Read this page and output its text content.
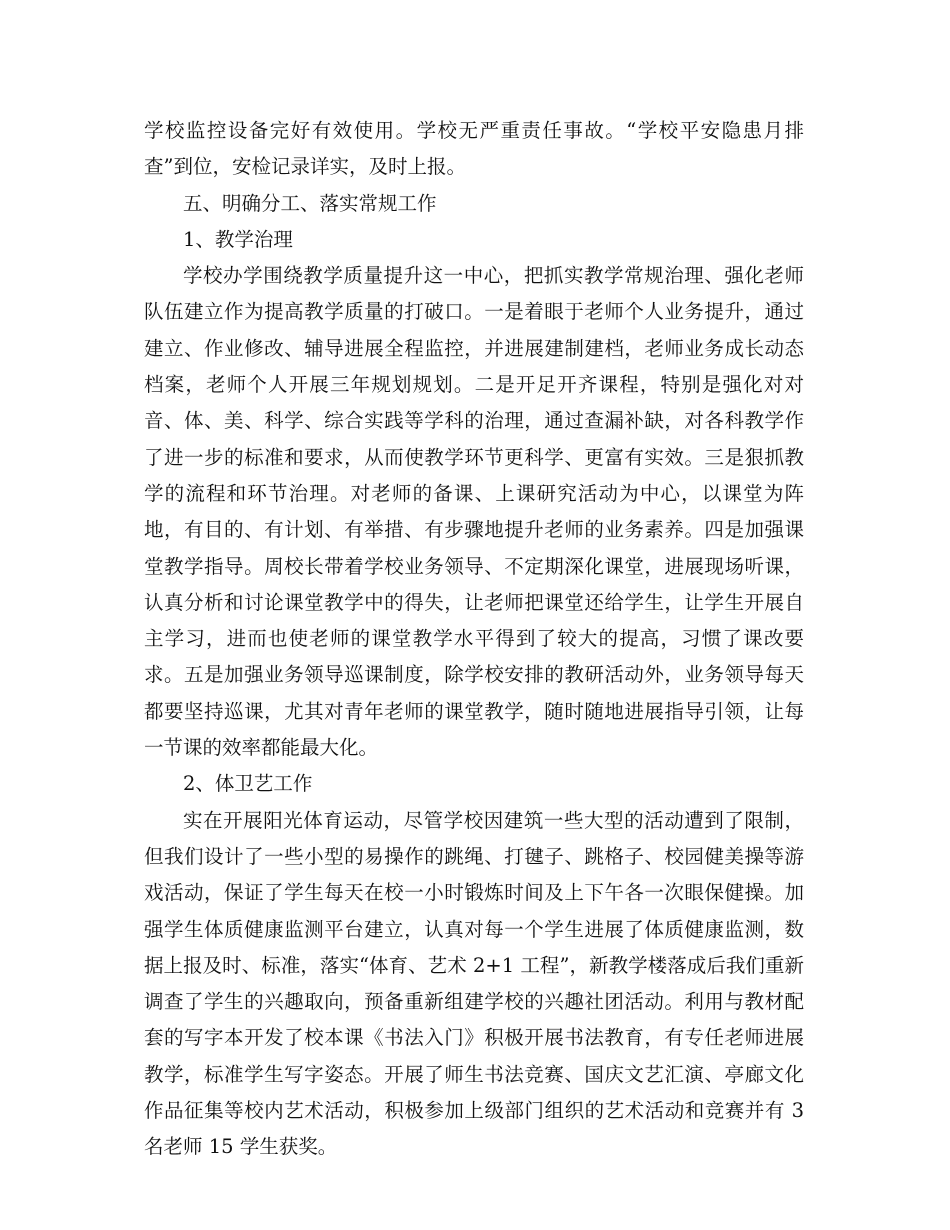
学校监控设备完好有效使用。学校无严重责任事故。“学校平安隐患月排查”到位，安检记录详实，及时上报。

五、明确分工、落实常规工作

1、教学治理

学校办学围绕教学质量提升这一中心，把抓实教学常规治理、强化老师队伍建立作为提高教学质量的打破口。一是着眼于老师个人业务提升，通过建立、作业修改、辅导进展全程监控，并进展建制建档，老师业务成长动态档案，老师个人开展三年规划规划。二是开足开齐课程，特别是强化对对音、体、美、科学、综合实践等学科的治理，通过查漏补缺，对各科教学作了进一步的标准和要求，从而使教学环节更科学、更富有实效。三是狠抓教学的流程和环节治理。对老师的备课、上课研究活动为中心，以课堂为阵地，有目的、有计划、有举措、有步骤地提升老师的业务素养。四是加强课堂教学指导。周校长带着学校业务领导、不定期深化课堂，进展现场听课，认真分析和讨论课堂教学中的得失，让老师把课堂还给学生，让学生开展自主学习，进而也使老师的课堂教学水平得到了较大的提高，习惯了课改要求。五是加强业务领导巡课制度，除学校安排的教研活动外，业务领导每天都要坚持巡课，尤其对青年老师的课堂教学，随时随地进展指导引领，让每一节课的效率都能最大化。

2、体卫艺工作

实在开展阳光体育运动，尽管学校因建筑一些大型的活动遭到了限制，但我们设计了一些小型的易操作的跳绳、打毽子、跳格子、校园健美操等游戏活动，保证了学生每天在校一小时锻炼时间及上下午各一次眼保健操。加强学生体质健康监测平台建立，认真对每一个学生进展了体质健康监测，数据上报及时、标准，落实“体育、艺术 2+1 工程”，新教学楼落成后我们重新调查了学生的兴趣取向，预备重新组建学校的兴趣社团活动。利用与教材配套的写字本开发了校本课《书法入门》积极开展书法教育，有专任老师进展教学，标准学生写字姿态。开展了师生书法竞赛、国庆文艺汇演、亭廊文化作品征集等校内艺术活动，积极参加上级部门组织的艺术活动和竞赛并有 3 名老师 15 学生获奖。
